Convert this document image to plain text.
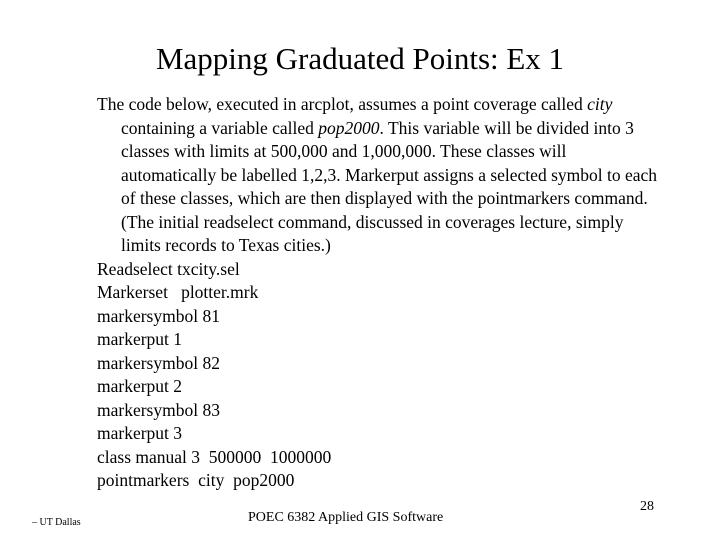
Mapping Graduated Points: Ex 1

The code below, executed in arcplot, assumes a point coverage called city containing a variable called pop2000. This variable will be divided into 3 classes with limits at 500,000 and 1,000,000. These classes will automatically be labelled 1,2,3. Markerput assigns a selected symbol to each of these classes, which are then displayed with the pointmarkers command. (The initial readselect command, discussed in coverages lecture, simply limits records to Texas cities.)

Readselect txcity.sel

Markerset   plotter.mrk

markersymbol 81

markerput 1

markersymbol 82

markerput 2

markersymbol 83

markerput 3

class manual 3  500000  1000000

pointmarkers  city  pop2000

– UT Dallas	POEC 6382 Applied GIS Software
28
